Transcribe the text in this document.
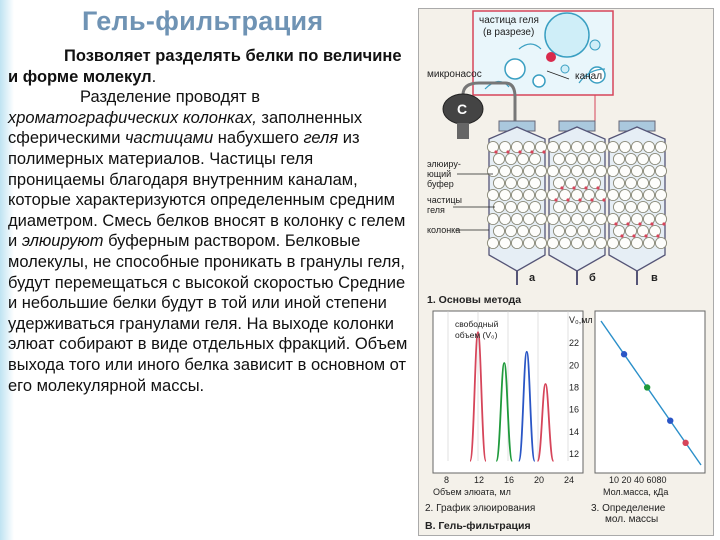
Гель-фильтрация

Позволяет разделять белки по величине и форме молекул.

Разделение проводят в хроматографических колонках, заполненных сферическими частицами набухшего геля из полимерных материалов. Частицы геля проницаемы благодаря внутренним каналам, которые характеризуются определенным средним диаметром. Смесь белков вносят в колонку с гелем и элюируют буферным раствором. Белковые молекулы, не способные проникать в гранулы геля, будут перемещаться с высокой скоростью Средние и небольшие белки будут в той или иной степени удерживаться гранулами геля. На выходе колонки элюат собирают в виде отдельных фракций. Объем выхода того или иного белка зависит в основном от его молекулярной массы.

частица геля
(в разрезе)
канал
микронасос
C
а	б	в
элюиру-
ющий
буфер
частицы
геля
колонка
1. Основы метода
свободный
объем (V₀)
8	12 16 20 24
Объем элюата, мл
2. График элюирования
V₀,мл
22
20
18
16
14
12
10 20 40 6080
Мол.масса, кДа
3. Определение
мол. массы
В. Гель-фильтрация
